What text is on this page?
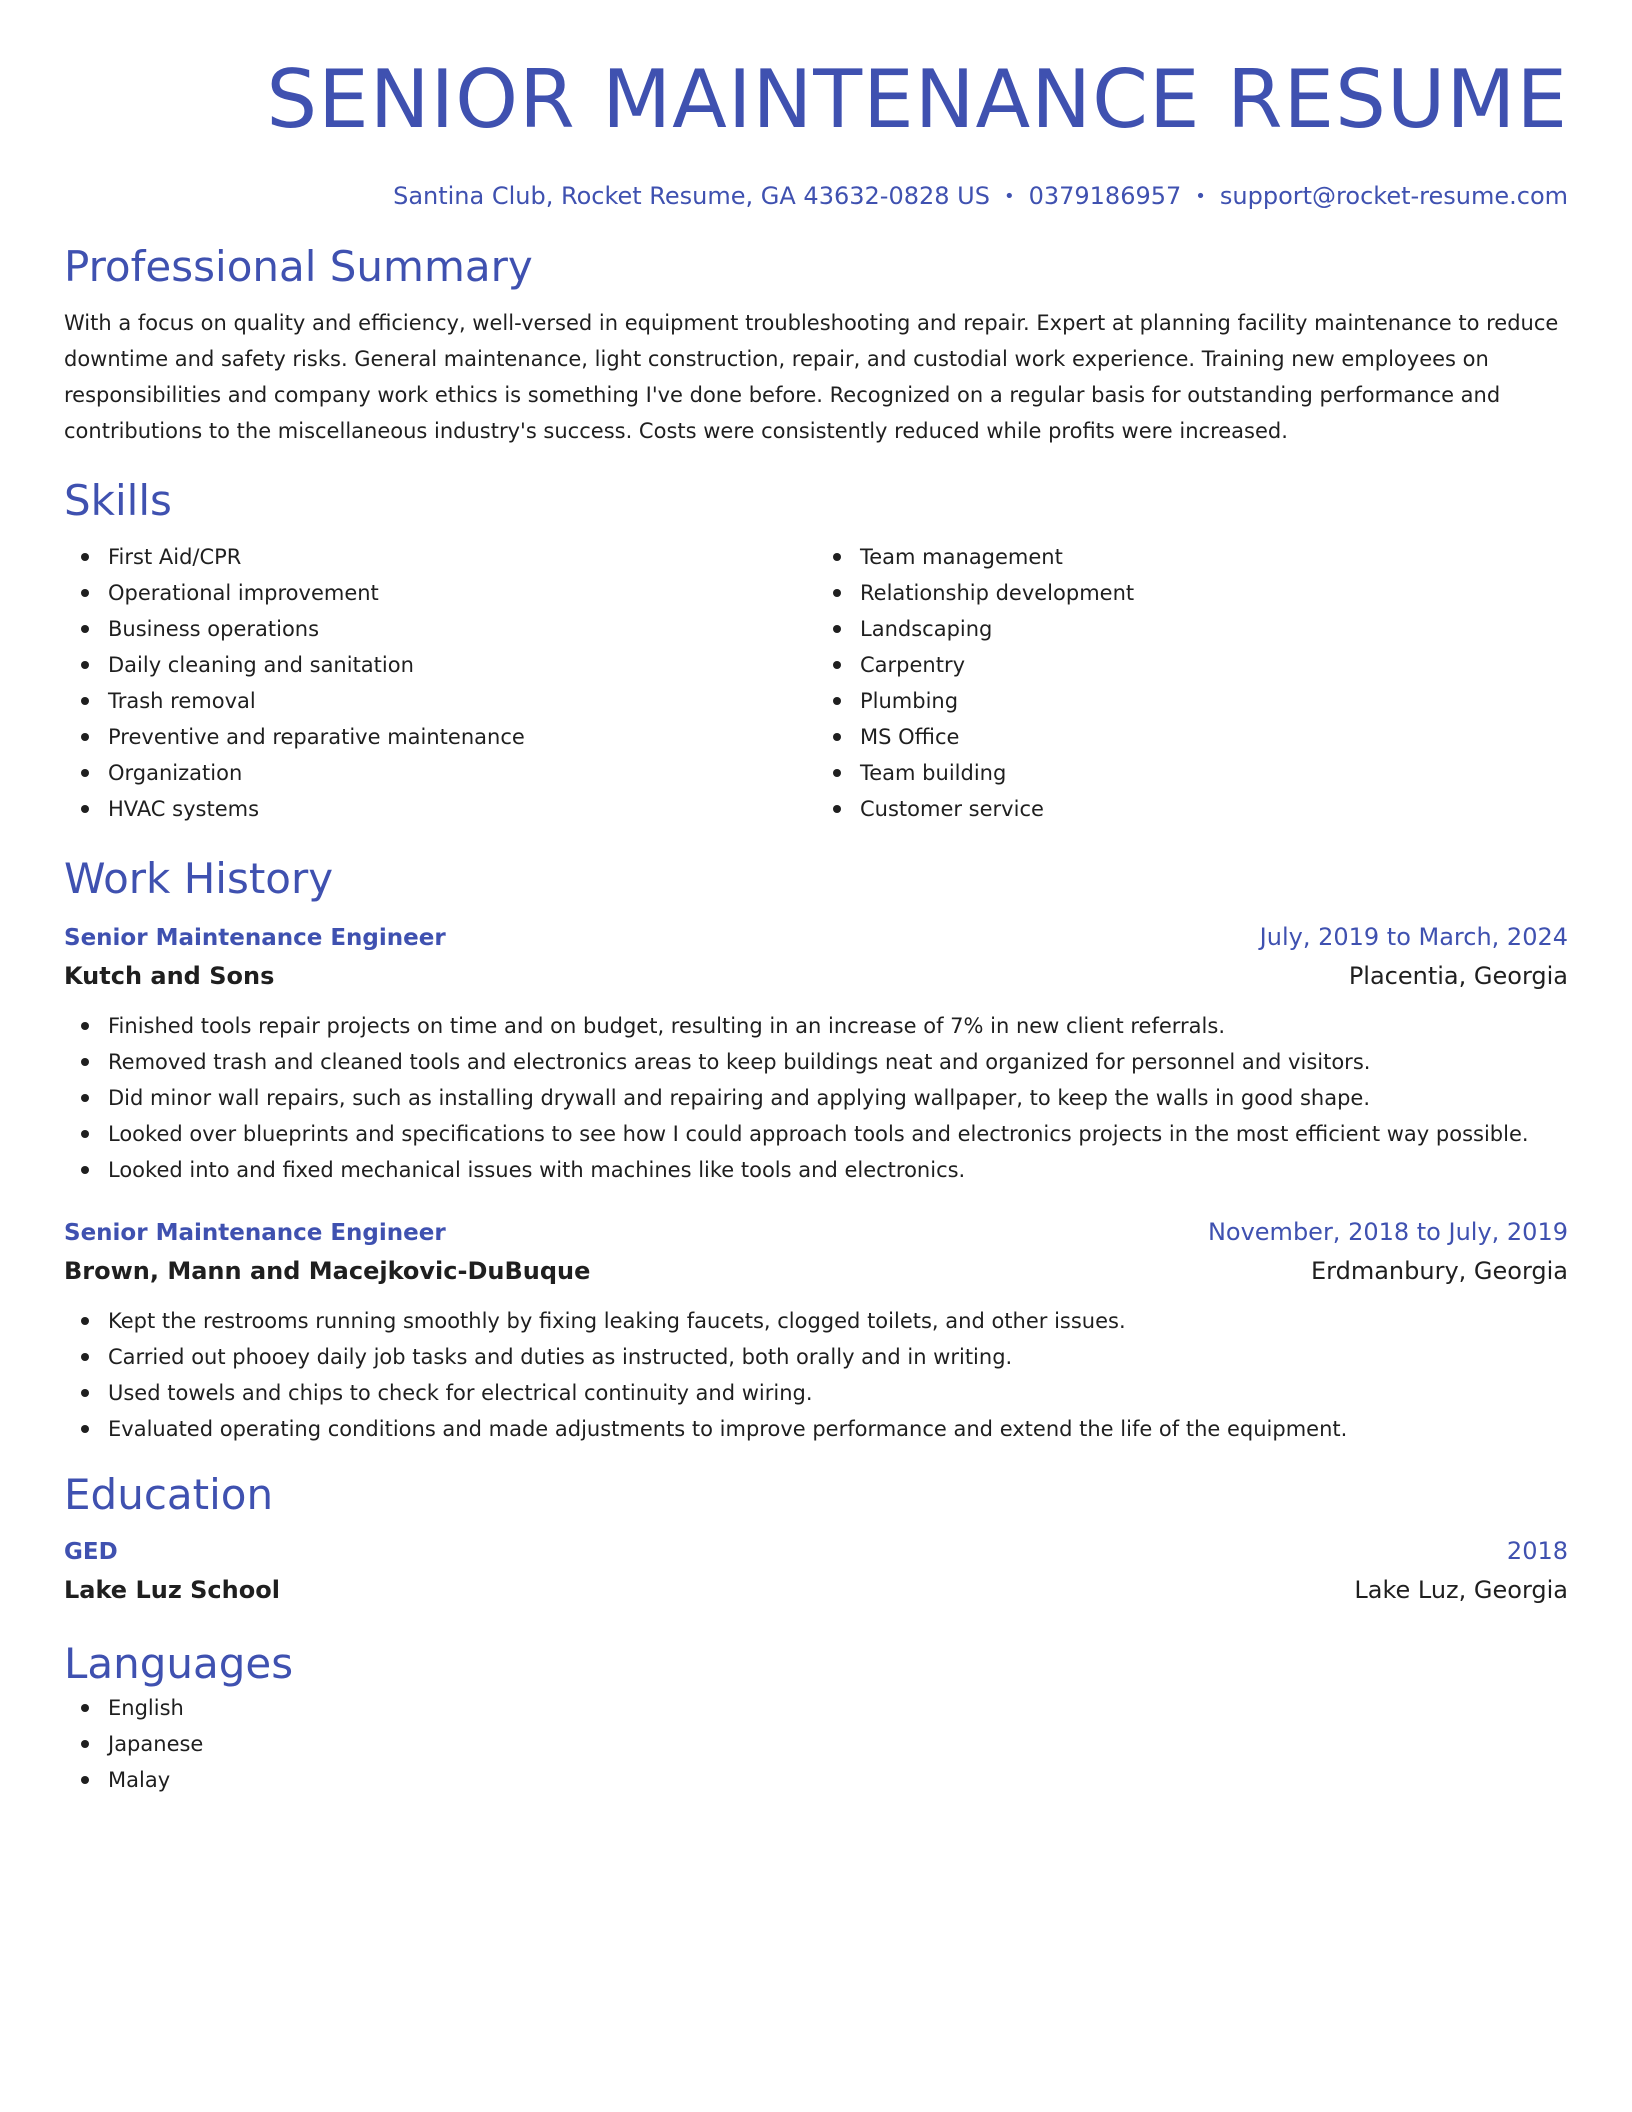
SENIOR MAINTENANCE RESUME
Santina Club, Rocket Resume, GA 43632-0828 US • 0379186957 • support@rocket-resume.com
Professional Summary
With a focus on quality and efficiency, well-versed in equipment troubleshooting and repair. Expert at planning facility maintenance to reduce downtime and safety risks. General maintenance, light construction, repair, and custodial work experience. Training new employees on responsibilities and company work ethics is something I've done before. Recognized on a regular basis for outstanding performance and contributions to the miscellaneous industry's success. Costs were consistently reduced while profits were increased.
Skills
First Aid/CPR
Operational improvement
Business operations
Daily cleaning and sanitation
Trash removal
Preventive and reparative maintenance
Organization
HVAC systems
Team management
Relationship development
Landscaping
Carpentry
Plumbing
MS Office
Team building
Customer service
Work History
Senior Maintenance Engineer	July, 2019 to March, 2024
Kutch and Sons	Placentia, Georgia
Finished tools repair projects on time and on budget, resulting in an increase of 7% in new client referrals.
Removed trash and cleaned tools and electronics areas to keep buildings neat and organized for personnel and visitors.
Did minor wall repairs, such as installing drywall and repairing and applying wallpaper, to keep the walls in good shape.
Looked over blueprints and specifications to see how I could approach tools and electronics projects in the most efficient way possible.
Looked into and fixed mechanical issues with machines like tools and electronics.
Senior Maintenance Engineer	November, 2018 to July, 2019
Brown, Mann and Macejkovic-DuBuque	Erdmanbury, Georgia
Kept the restrooms running smoothly by fixing leaking faucets, clogged toilets, and other issues.
Carried out phooey daily job tasks and duties as instructed, both orally and in writing.
Used towels and chips to check for electrical continuity and wiring.
Evaluated operating conditions and made adjustments to improve performance and extend the life of the equipment.
Education
GED	2018
Lake Luz School	Lake Luz, Georgia
Languages
English
Japanese
Malay
